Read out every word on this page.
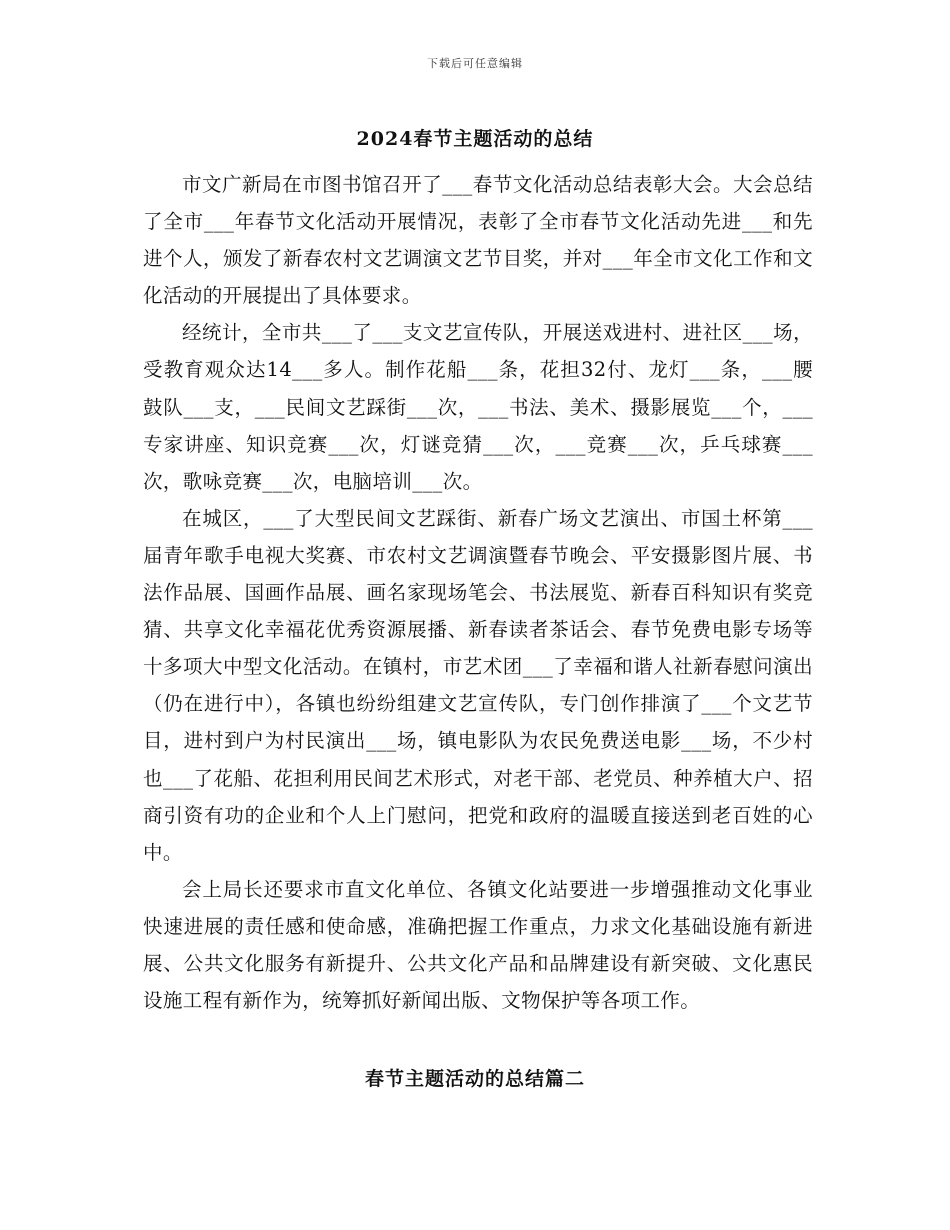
下载后可任意编辑
2024春节主题活动的总结

市文广新局在市图书馆召开了___春节文化活动总结表彰大会。大会总结了全市___年春节文化活动开展情况，表彰了全市春节文化活动先进___和先进个人，颁发了新春农村文艺调演文艺节目奖，并对___年全市文化工作和文化活动的开展提出了具体要求。

经统计，全市共___了___支文艺宣传队，开展送戏进村、进社区___场，受教育观众达14___多人。制作花船___条，花担32付、龙灯___条，___腰鼓队___支，___民间文艺踩街___次，___书法、美术、摄影展览___个，___专家讲座、知识竞赛___次，灯谜竞猜___次，___竞赛___次，乒乓球赛___次，歌咏竞赛___次，电脑培训___次。

在城区，___了大型民间文艺踩街、新春广场文艺演出、市国土杯第___届青年歌手电视大奖赛、市农村文艺调演暨春节晚会、平安摄影图片展、书法作品展、国画作品展、画名家现场笔会、书法展览、新春百科知识有奖竞猜、共享文化幸福花优秀资源展播、新春读者茶话会、春节免费电影专场等十多项大中型文化活动。在镇村，市艺术团___了幸福和谐人社新春慰问演出（仍在进行中），各镇也纷纷组建文艺宣传队，专门创作排演了___个文艺节目，进村到户为村民演出___场，镇电影队为农民免费送电影___场，不少村也___了花船、花担利用民间艺术形式，对老干部、老党员、种养植大户、招商引资有功的企业和个人上门慰问，把党和政府的温暖直接送到老百姓的心中。

会上局长还要求市直文化单位、各镇文化站要进一步增强推动文化事业快速进展的责任感和使命感，准确把握工作重点，力求文化基础设施有新进展、公共文化服务有新提升、公共文化产品和品牌建设有新突破、文化惠民设施工程有新作为，统筹抓好新闻出版、文物保护等各项工作。

春节主题活动的总结篇二
